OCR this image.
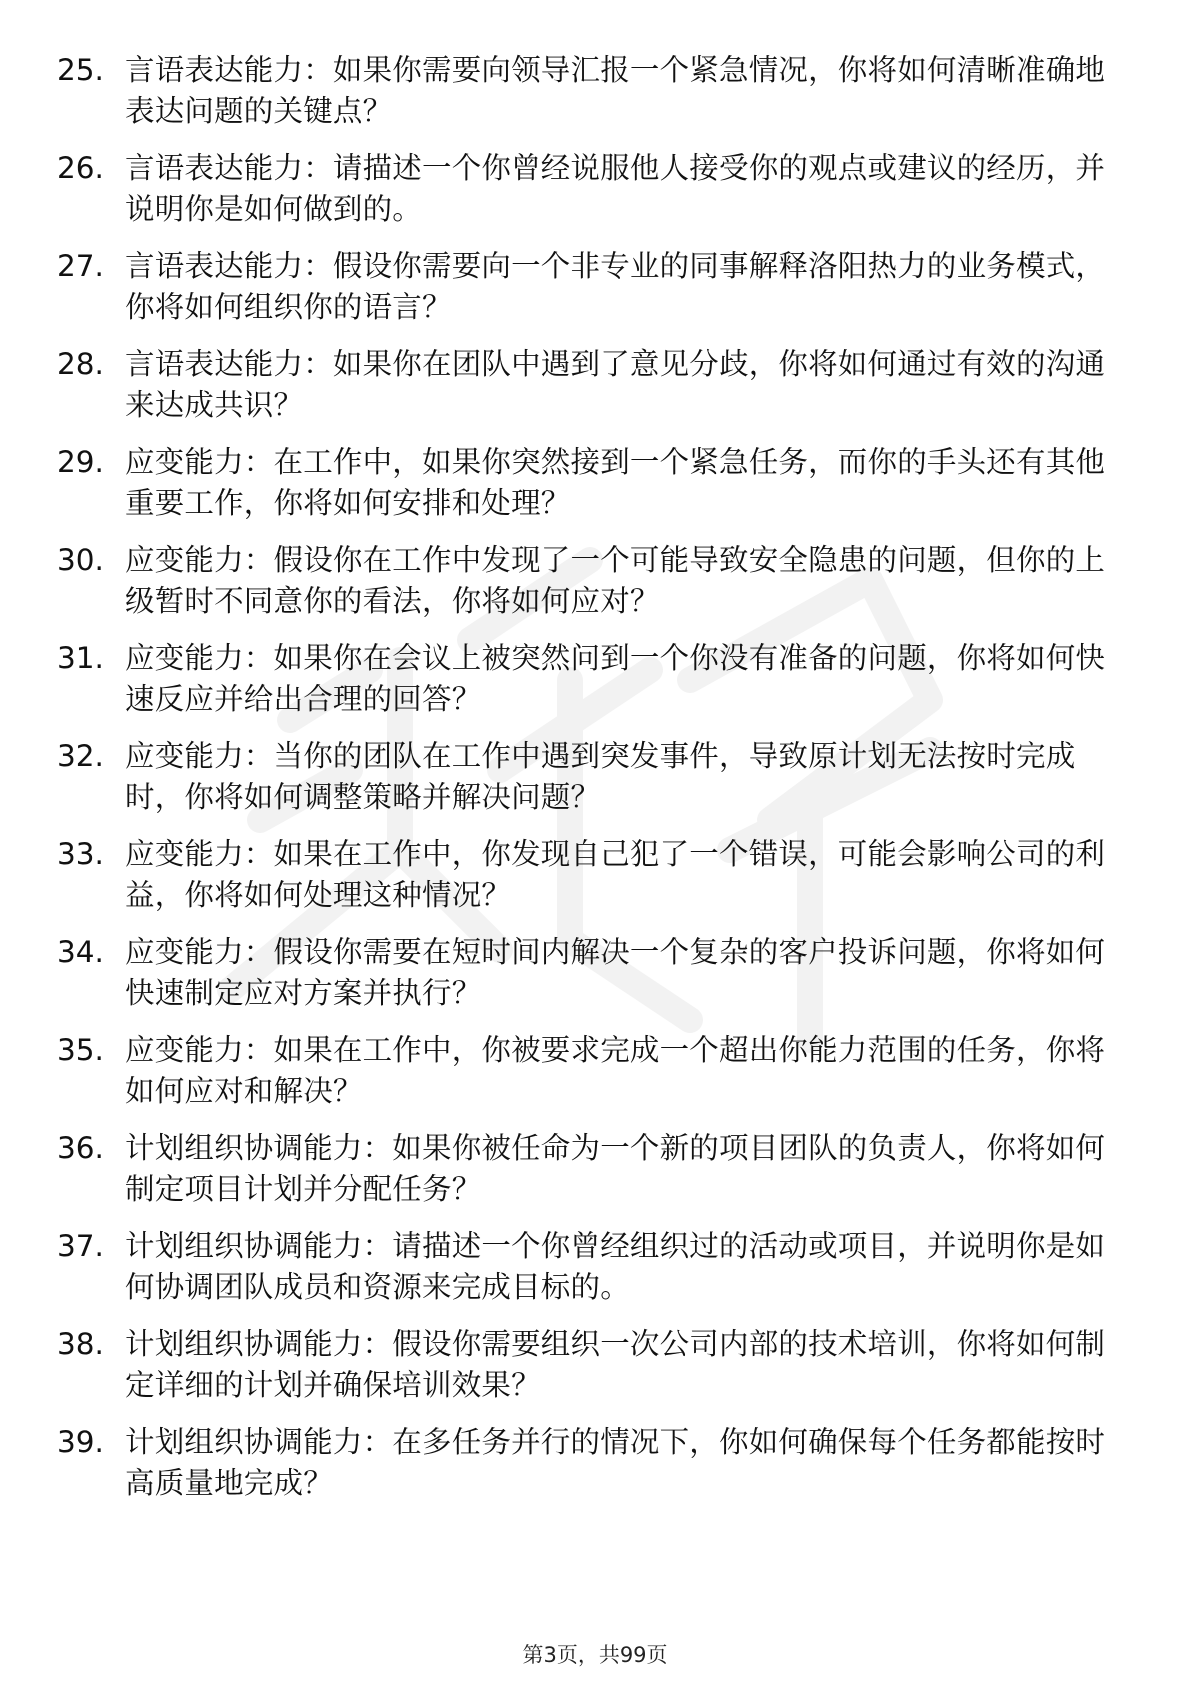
25. 言语表达能力：如果你需要向领导汇报一个紧急情况，你将如何清晰准确地表达问题的关键点？
26. 言语表达能力：请描述一个你曾经说服他人接受你的观点或建议的经历，并说明你是如何做到的。
27. 言语表达能力：假设你需要向一个非专业的同事解释洛阳热力的业务模式，你将如何组织你的语言？
28. 言语表达能力：如果你在团队中遇到了意见分歧，你将如何通过有效的沟通来达成共识？
29. 应变能力：在工作中，如果你突然接到一个紧急任务，而你的手头还有其他重要工作，你将如何安排和处理？
30. 应变能力：假设你在工作中发现了一个可能导致安全隐患的问题，但你的上级暂时不同意你的看法，你将如何应对？
31. 应变能力：如果你在会议上被突然问到一个你没有准备的问题，你将如何快速反应并给出合理的回答？
32. 应变能力：当你的团队在工作中遇到突发事件，导致原计划无法按时完成时，你将如何调整策略并解决问题？
33. 应变能力：如果在工作中，你发现自己犯了一个错误，可能会影响公司的利益，你将如何处理这种情况？
34. 应变能力：假设你需要在短时间内解决一个复杂的客户投诉问题，你将如何快速制定应对方案并执行？
35. 应变能力：如果在工作中，你被要求完成一个超出你能力范围的任务，你将如何应对和解决？
36. 计划组织协调能力：如果你被任命为一个新的项目团队的负责人，你将如何制定项目计划并分配任务？
37. 计划组织协调能力：请描述一个你曾经组织过的活动或项目，并说明你是如何协调团队成员和资源来完成目标的。
38. 计划组织协调能力：假设你需要组织一次公司内部的技术培训，你将如何制定详细的计划并确保培训效果？
39. 计划组织协调能力：在多任务并行的情况下，你如何确保每个任务都能按时高质量地完成？
第3页，共99页
